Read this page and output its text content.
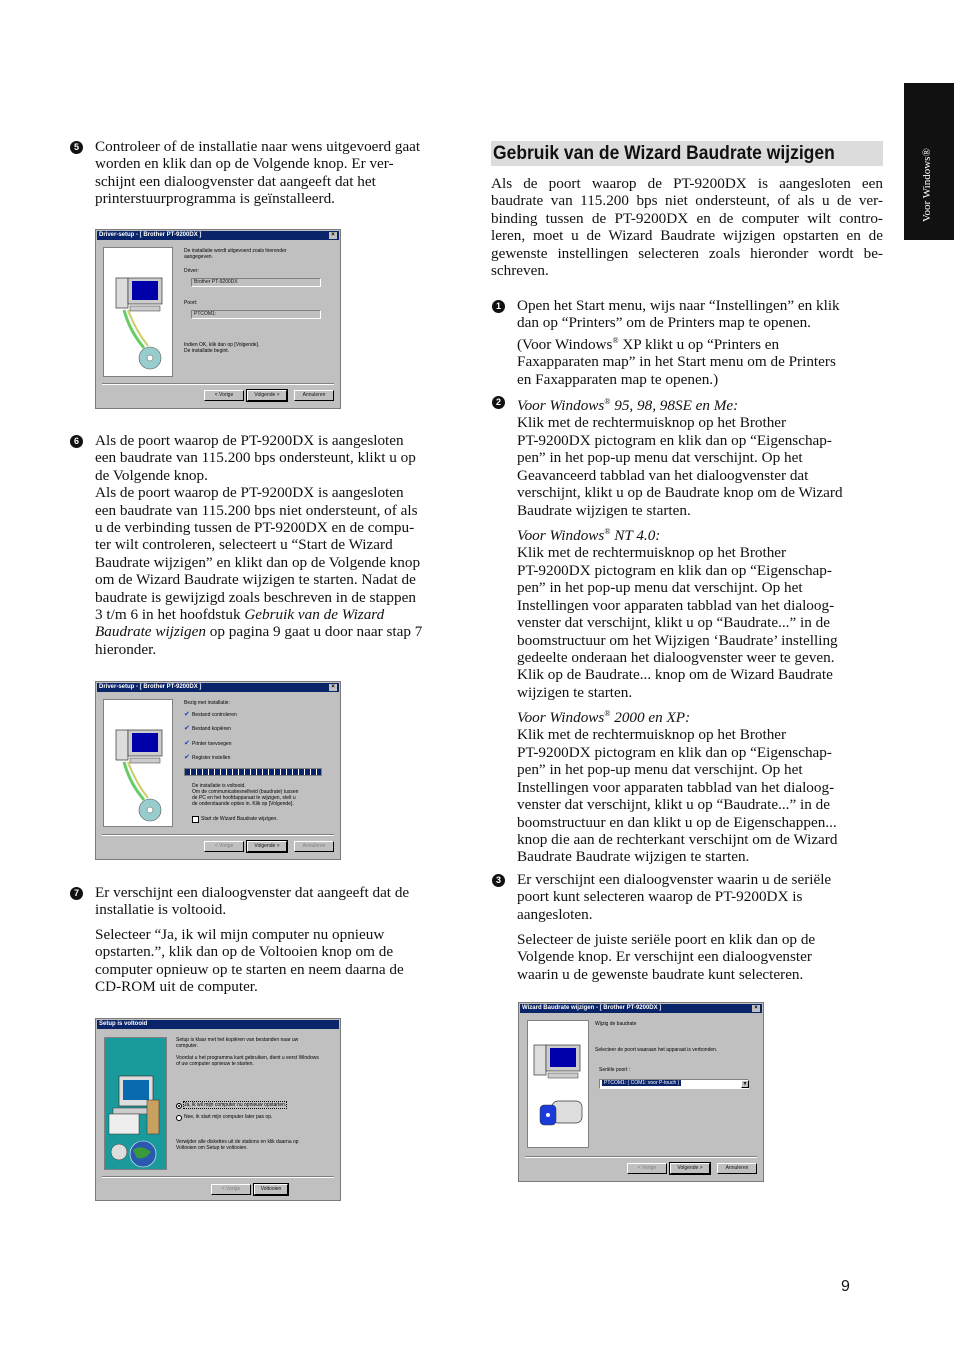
Voor Windows®
5 Controleer of de installatie naar wens uitgevoerd gaat
worden en klik dan op de Volgende knop. Er ver-
schijnt een dialoogvenster dat aangeeft dat het
printerstuurprogramma is geïnstalleerd.
Driver-setup - [ Brother PT-9200DX ]	×
De installatie wordt uitgevoerd zoals hieronder
aangegeven.
Driver:
Brother PT-9200DX
Poort:
PTCOM1:
Indien OK, klik dan op [Volgende].
De installatie begint.
< Vorige	Volgende >	Annuleren
6 Als de poort waarop de PT-9200DX is aangesloten
een baudrate van 115.200 bps ondersteunt, klikt u op
de Volgende knop.
Als de poort waarop de PT-9200DX is aangesloten
een baudrate van 115.200 bps niet ondersteunt, of als
u de verbinding tussen de PT-9200DX en de compu-
ter wilt controleren, selecteert u “Start de Wizard
Baudrate wijzigen” en klikt dan op de Volgende knop
om de Wizard Baudrate wijzigen te starten. Nadat de
baudrate is gewijzigd zoals beschreven in de stappen
3 t/m 6 in het hoofdstuk Gebruik van de Wizard
Baudrate wijzigen op pagina 9 gaat u door naar stap 7
hieronder.
Driver-setup - [ Brother PT-9200DX ]	×
Bezig met installatie:
✔ Bestand controleren
✔ Bestand kopiëren
✔ Printer toevoegen
✔ Register instellen
De installatie is voltooid.
Om de communicatiesnelheid (baudrate) tussen
de PC en het hoofdapparaat te wijzigen, stelt u
de onderstaande opties in. Klik op [Volgende].
Start de Wizard Baudrate wijzigen.
< Vorige	Volgende >	Annuleren
7 Er verschijnt een dialoogvenster dat aangeeft dat de
installatie is voltooid.
Selecteer “Ja, ik wil mijn computer nu opnieuw
opstarten.”, klik dan op de Voltooien knop om de
computer opnieuw op te starten en neem daarna de
CD-ROM uit de computer.
Setup is voltooid
Setup is klaar met het kopiëren van bestanden naar uw
computer.
Voordat u het programma kunt gebruiken, dient u eerst Windows
of uw computer opnieuw te starten.
Ja, ik wil mijn computer nu opnieuw opstarten.
Nee, ik start mijn computer later pas op.
Verwijder alle diskettes uit de stations en klik daarna op
Voltooien om Setup te voltooien.
< Vorige	Voltooien
Gebruik van de Wizard Baudrate wijzigen
Als de poort waarop de PT-9200DX is aangesloten een
baudrate van 115.200 bps niet ondersteunt, of als u de ver-
binding tussen de PT-9200DX en de computer wilt contro-
leren, moet u de Wizard Baudrate wijzigen opstarten en de
gewenste instellingen selecteren zoals hieronder wordt be-
schreven.
1 Open het Start menu, wijs naar “Instellingen” en klik
dan op “Printers” om de Printers map te openen.
(Voor Windows® XP klikt u op “Printers en
Faxapparaten map” in het Start menu om de Printers
en Faxapparaten map te openen.)
2 Voor Windows® 95, 98, 98SE en Me:
Klik met de rechtermuisknop op het Brother
PT-9200DX pictogram en klik dan op “Eigenschap-
pen” in het pop-up menu dat verschijnt. Op het
Geavanceerd tabblad van het dialoogvenster dat
verschijnt, klikt u op de Baudrate knop om de Wizard
Baudrate wijzigen te starten.
Voor Windows® NT 4.0:
Klik met de rechtermuisknop op het Brother
PT-9200DX pictogram en klik dan op “Eigenschap-
pen” in het pop-up menu dat verschijnt. Op het
Instellingen voor apparaten tabblad van het dialoog-
venster dat verschijnt, klikt u op “Baudrate...” in de
boomstructuur om het Wijzigen ‘Baudrate’ instelling
gedeelte onderaan het dialoogvenster weer te geven.
Klik op de Baudrate... knop om de Wizard Baudrate
wijzigen te starten.
Voor Windows® 2000 en XP:
Klik met de rechtermuisknop op het Brother
PT-9200DX pictogram en klik dan op “Eigenschap-
pen” in het pop-up menu dat verschijnt. Op het
Instellingen voor apparaten tabblad van het dialoog-
venster dat verschijnt, klikt u op “Baudrate...” in de
boomstructuur en dan klikt u op de Eigenschappen...
knop die aan de rechterkant verschijnt om de Wizard
Baudrate Baudrate wijzigen te starten.
3 Er verschijnt een dialoogvenster waarin u de seriële
poort kunt selecteren waarop de PT-9200DX is
aangesloten.
Selecteer de juiste seriële poort en klik dan op de
Volgende knop. Er verschijnt een dialoogvenster
waarin u de gewenste baudrate kunt selecteren.
Wizard Baudrate wijzigen - [ Brother PT-9200DX ]	×
Wijzig de baudrate
Selecteer de poort waaraan het apparaat is verbonden.
Seriële poort :
PTCOM1: ( COM1: voor P-touch )	▼
< Vorige	Volgende >	Annuleren
9
